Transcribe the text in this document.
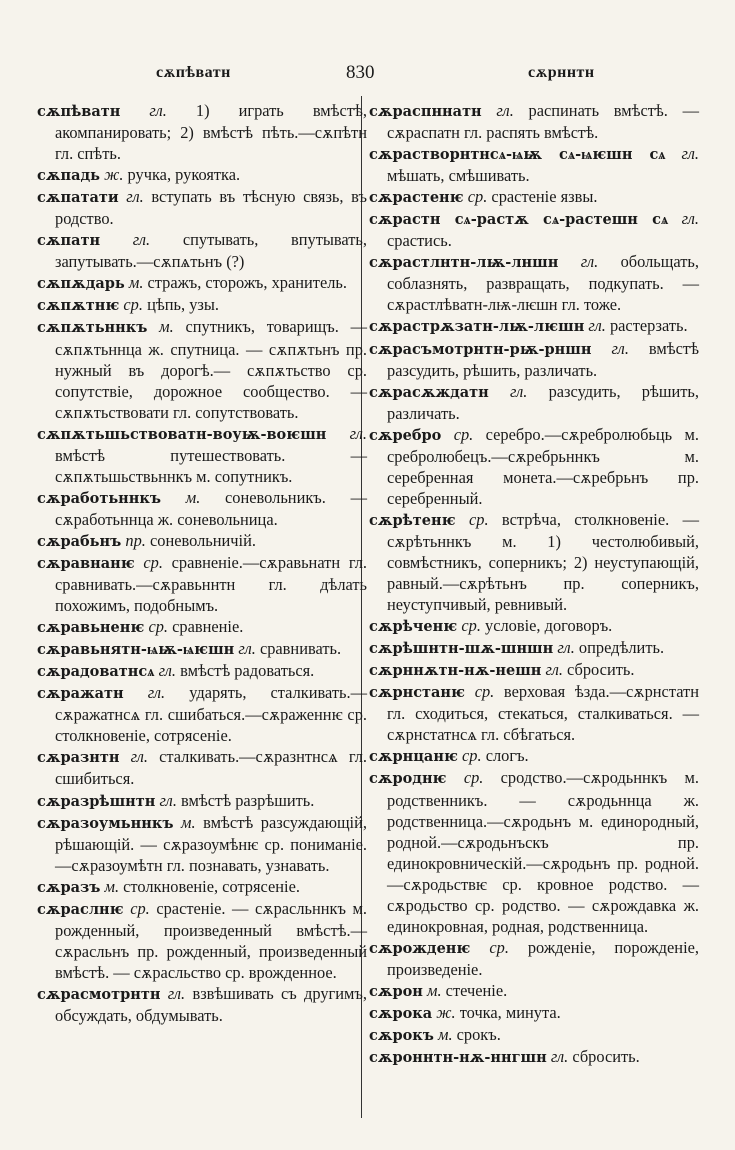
сѫпѣватн	830	сѫрннтн

сѫпѣватн гл. 1) играть вмѣстѣ, акомпанировать; 2) вмѣстѣ пѣть.—сѫпѣтн гл. спѣть.

сѫпадь ж. ручка, рукоятка.

сѫпатати гл. вступать въ тѣсную связь, въ родство.

сѫпатн гл. спутывать, впутывать, запутывать.—сѫпѧтьнъ (?)

сѫпѫдарь м. стражъ, сторожъ, хранитель.

сѫпѫтнѥ ср. цѣпь, узы.

сѫпѫтьннкъ м. спутникъ, товарищъ. — сѫпѫтьннца ж. спутница. — сѫпѫтьнъ пр. нужный въ дорогѣ.— сѫпѫтьство ср. сопутствіе, дорожное сообщество. — сѫпѫтьствовати гл. сопутствовать.

сѫпѫтьшьствоватн-воуѭ-воѥшн гл. вмѣстѣ путешествовать. — сѫпѫтьшьствьннкъ м. сопутникъ.

сѫработьннкъ м. соневольникъ. — сѫработьннца ж. соневольница.

сѫрабьнъ пр. соневольничій.

сѫравнанѥ ср. сравненіе.—сѫравьнатн гл. сравнивать.—сѫравьннтн гл. дѣлать похожимъ, подобнымъ.

сѫравьненѥ ср. сравненіе.

сѫравьнятн-ѩѭ-ѩѥшн гл. сравнивать.

сѫрадоватнсѧ гл. вмѣстѣ радоваться.

сѫражатн гл. ударять, сталкивать.— сѫражатнсѧ гл. сшибаться.—сѫраженнѥ ср. столкновеніе, сотрясеніе.

сѫразнтн гл. сталкивать.—сѫразнтнсѧ гл. сшибиться.

сѫразрѣшнтн гл. вмѣстѣ разрѣшить.

сѫразоумьннкъ м. вмѣстѣ разсуждающій, рѣшающій. — сѫразоумѣнѥ ср. пониманіе.—сѫразоумѣтн гл. познавать, узнавать.

сѫразъ м. столкновеніе, сотрясеніе.

сѫраслнѥ ср. срастеніе. — сѫрасльннкъ м. рожденный, произведенный вмѣстѣ.—сѫрасльнъ пр. рожденный, произведенный вмѣстѣ. — сѫрасльство ср. врожденное.

сѫрасмотрнтн гл. взвѣшивать съ другимъ, обсуждать, обдумывать.

сѫраспннатн гл. распинать вмѣстѣ. —сѫраспатн гл. распять вмѣстѣ.

сѫрастворнтнсѧ-ѩѭ сѧ-ѩѥшн сѧ гл. мѣшать, смѣшивать.

сѫрастенѥ ср. срастеніе язвы.

сѫрастн сѧ-растѫ сѧ-растешн сѧ гл. срастись.

сѫрастлнтн-лѭ-лншн гл. обольщать, соблазнять, развращать, подкупать. — сѫрастлѣватн-лѭ-лѥшн гл. тоже.

сѫрастрѫзатн-лѭ-лѥшн гл. растерзать.

сѫрасъмотрнтн-рѭ-рншн гл. вмѣстѣ разсудить, рѣшить, различать.

сѫрасѫждатн гл. разсудить, рѣшить, различать.

сѫребро ср. серебро.—сѫребролюбьць м. сребролюбецъ.—сѫребрьннкъ м. серебренная монета.—сѫребрьнъ пр. серебренный.

сѫрѣтенѥ ср. встрѣча, столкновеніе. — сѫрѣтьннкъ м. 1) честолюбивый, совмѣстникъ, соперникъ; 2) неуступающій, равный.—сѫрѣтьнъ пр. соперникъ, неуступчивый, ревнивый.

сѫрѣченѥ ср. условіе, договоръ.

сѫрѣшнтн-шѫ-шншн гл. опредѣлить.

сѫрннѫтн-нѫ-нешн гл. сбросить.

сѫрнстанѥ ср. верховая ѣзда.—сѫрнстатн гл. сходиться, стекаться, сталкиваться. — сѫрнстатнсѧ гл. сбѣгаться.

сѫрнцанѥ ср. слогъ.

сѫроднѥ ср. сродство.—сѫродьннкъ м. родственникъ. — сѫродьннца ж. родственница.—сѫродьнъ м. единородный, родной.—сѫродьнъскъ пр. единокровническій.—сѫродьнъ пр. родной.—сѫродьствѥ ср. кровное родство. — сѫродьство ср. родство. — сѫрождавка ж. единокровная, родная, родственница.

сѫрожденѥ ср. рожденіе, порожденіе, произведеніе.

сѫрон м. стеченіе.

сѫрока ж. точка, минута.

сѫрокъ м. срокъ.

сѫроннтн-нѫ-ннгшн гл. сбросить.
